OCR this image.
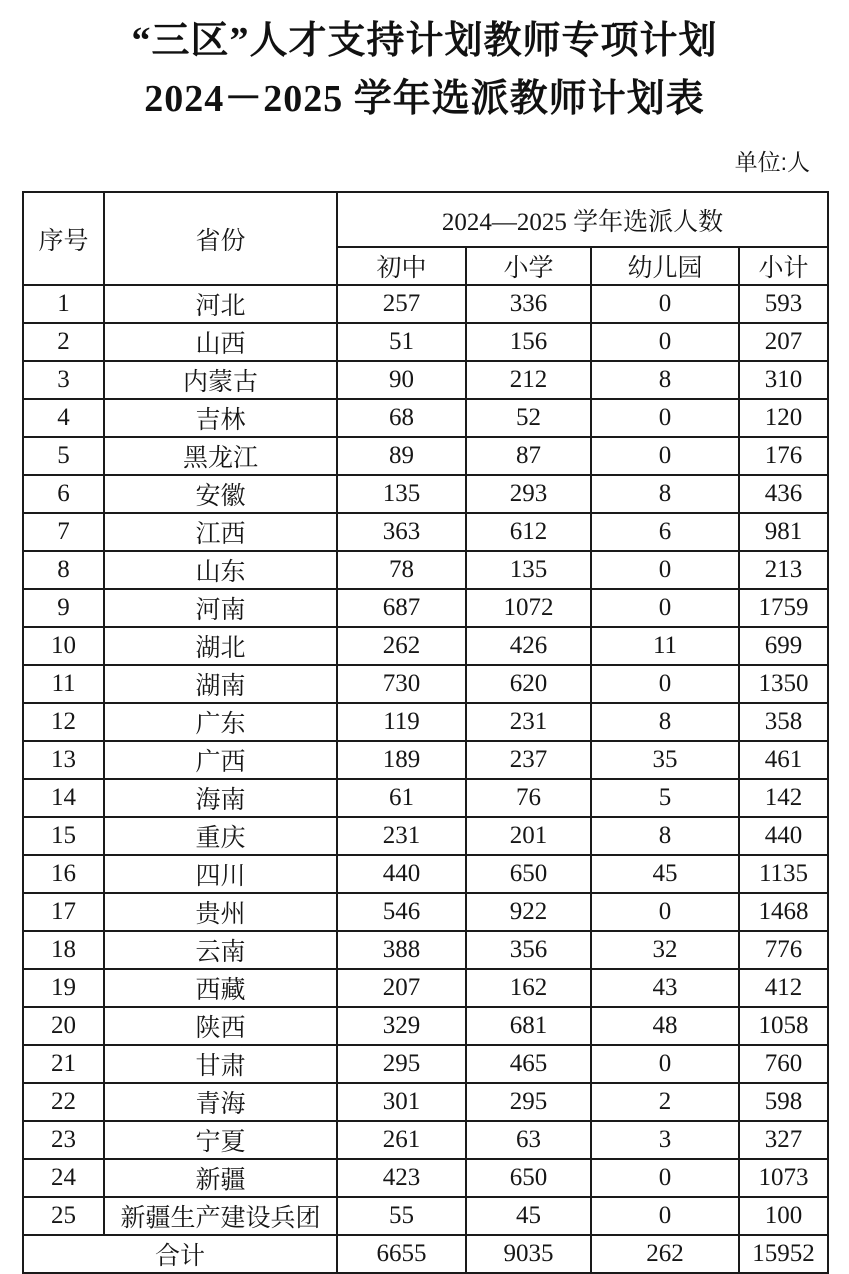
“三区”人才支持计划教师专项计划
2024－2025 学年选派教师计划表
单位:人
序号	省份	2024—2025 学年选派人数			
		初中	小学	幼儿园	小计
1	河北	257	336	0	593
2	山西	51	156	0	207
3	内蒙古	90	212	8	310
4	吉林	68	52	0	120
5	黑龙江	89	87	0	176
6	安徽	135	293	8	436
7	江西	363	612	6	981
8	山东	78	135	0	213
9	河南	687	1072	0	1759
10	湖北	262	426	11	699
11	湖南	730	620	0	1350
12	广东	119	231	8	358
13	广西	189	237	35	461
14	海南	61	76	5	142
15	重庆	231	201	8	440
16	四川	440	650	45	1135
17	贵州	546	922	0	1468
18	云南	388	356	32	776
19	西藏	207	162	43	412
20	陕西	329	681	48	1058
21	甘肃	295	465	0	760
22	青海	301	295	2	598
23	宁夏	261	63	3	327
24	新疆	423	650	0	1073
25	新疆生产建设兵团	55	45	0	100
合计		6655	9035	262	15952
